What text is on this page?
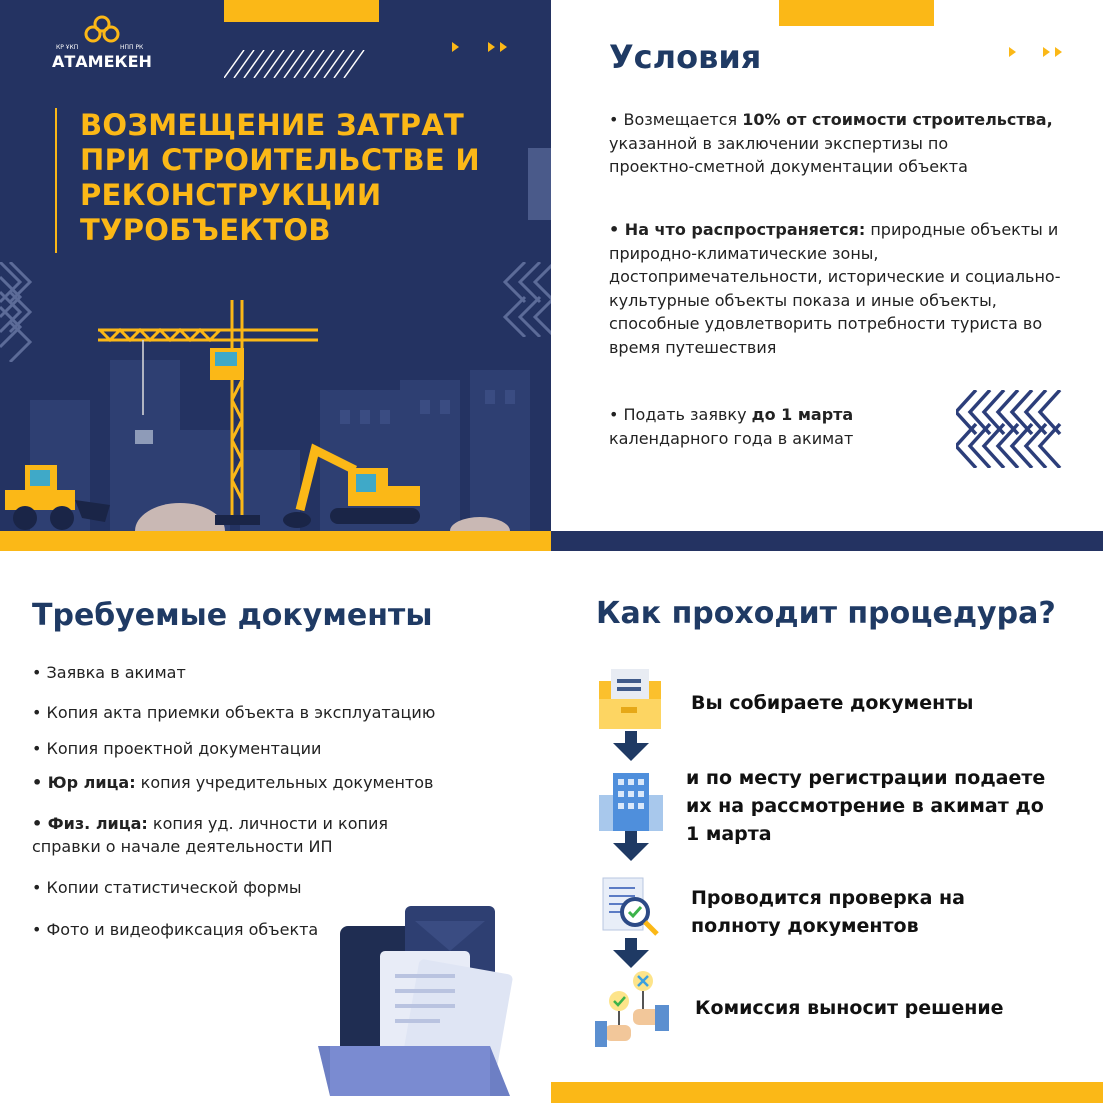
КР ҰКП	НПП РК
АТАМЕКЕН
ВОЗМЕЩЕНИЕ ЗАТРАТ
ПРИ СТРОИТЕЛЬСТВЕ И
РЕКОНСТРУКЦИИ
ТУРОБЪЕКТОВ
Условия
• Возмещается 10% от стоимости строительства,
указанной в заключении экспертизы по проектно-сметной документации объекта
• На что распространяется: природные объекты и природно-климатические зоны, достопримечательности, исторические и социально-культурные объекты показа и иные объекты, способные удовлетворить потребности туриста во время путешествия
• Подать заявку до 1 марта
календарного года в акимат
Требуемые документы
• Заявка в акимат
• Копия акта приемки объекта в эксплуатацию
• Копия проектной документации
• Юр лица: копия учредительных документов
• Физ. лица: копия уд. личности и копия справки о начале деятельности ИП
• Копии статистической формы
• Фото и видеофиксация объекта
Как проходит процедура?
Вы собираете документы
и по месту регистрации подаете их на рассмотрение в акимат до 1 марта
Проводится проверка на полноту документов
Комиссия выносит решение
